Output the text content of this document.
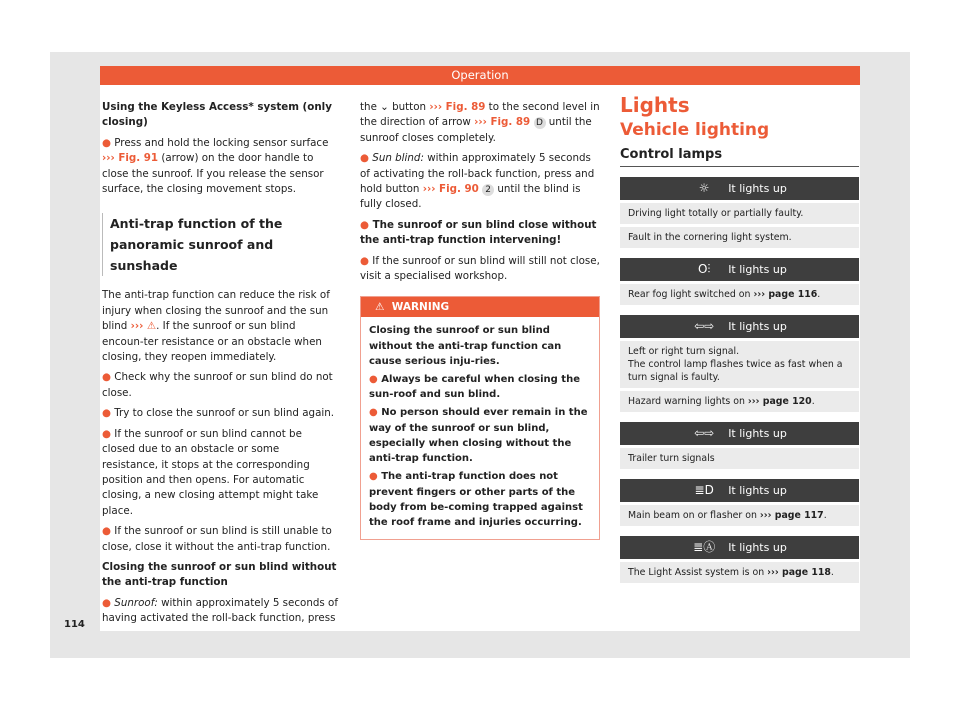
Operation

Using the Keyless Access* system (only closing)

● Press and hold the locking sensor surface ››› Fig. 91 (arrow) on the door handle to close the sunroof. If you release the sensor surface, the closing movement stops.

Anti-trap function of the panoramic sunroof and sunshade

The anti-trap function can reduce the risk of injury when closing the sunroof and the sun blind ››› ⚠. If the sunroof or sun blind encoun-ter resistance or an obstacle when closing, they reopen immediately.

● Check why the sunroof or sun blind do not close.

● Try to close the sunroof or sun blind again.

● If the sunroof or sun blind cannot be closed due to an obstacle or some resistance, it stops at the corresponding position and then opens. For automatic closing, a new closing attempt might take place.

● If the sunroof or sun blind is still unable to close, close it without the anti-trap function.

Closing the sunroof or sun blind without the anti-trap function

● Sunroof: within approximately 5 seconds of having activated the roll-back function, press

the ⌄ button ››› Fig. 89 to the second level in the direction of arrow ››› Fig. 89 D until the sunroof closes completely.

● Sun blind: within approximately 5 seconds of activating the roll-back function, press and hold button ››› Fig. 90 2 until the blind is fully closed.

● The sunroof or sun blind close without the anti-trap function intervening!

● If the sunroof or sun blind will still not close, visit a specialised workshop.

⚠ WARNING

Closing the sunroof or sun blind without the anti-trap function can cause serious inju-ries.

● Always be careful when closing the sun-roof and sun blind.

● No person should ever remain in the way of the sunroof or sun blind, especially when closing without the anti-trap function.

● The anti-trap function does not prevent fingers or other parts of the body from be-coming trapped against the roof frame and injuries occurring.

Lights
Vehicle lighting
Control lamps
☼	It lights up
Driving light totally or partially faulty.
Fault in the cornering light system.
O⫶	It lights up
Rear fog light switched on ››› page 116.
⇦⇨ It lights up
Left or right turn signal.
The control lamp flashes twice as fast when a turn signal is faulty.
Hazard warning lights on ››› page 120.
⇦⇨ It lights up
Trailer turn signals
≣D It lights up
Main beam on or flasher on ››› page 117.
≣Ⓐ It lights up
The Light Assist system is on ››› page 118.
114
